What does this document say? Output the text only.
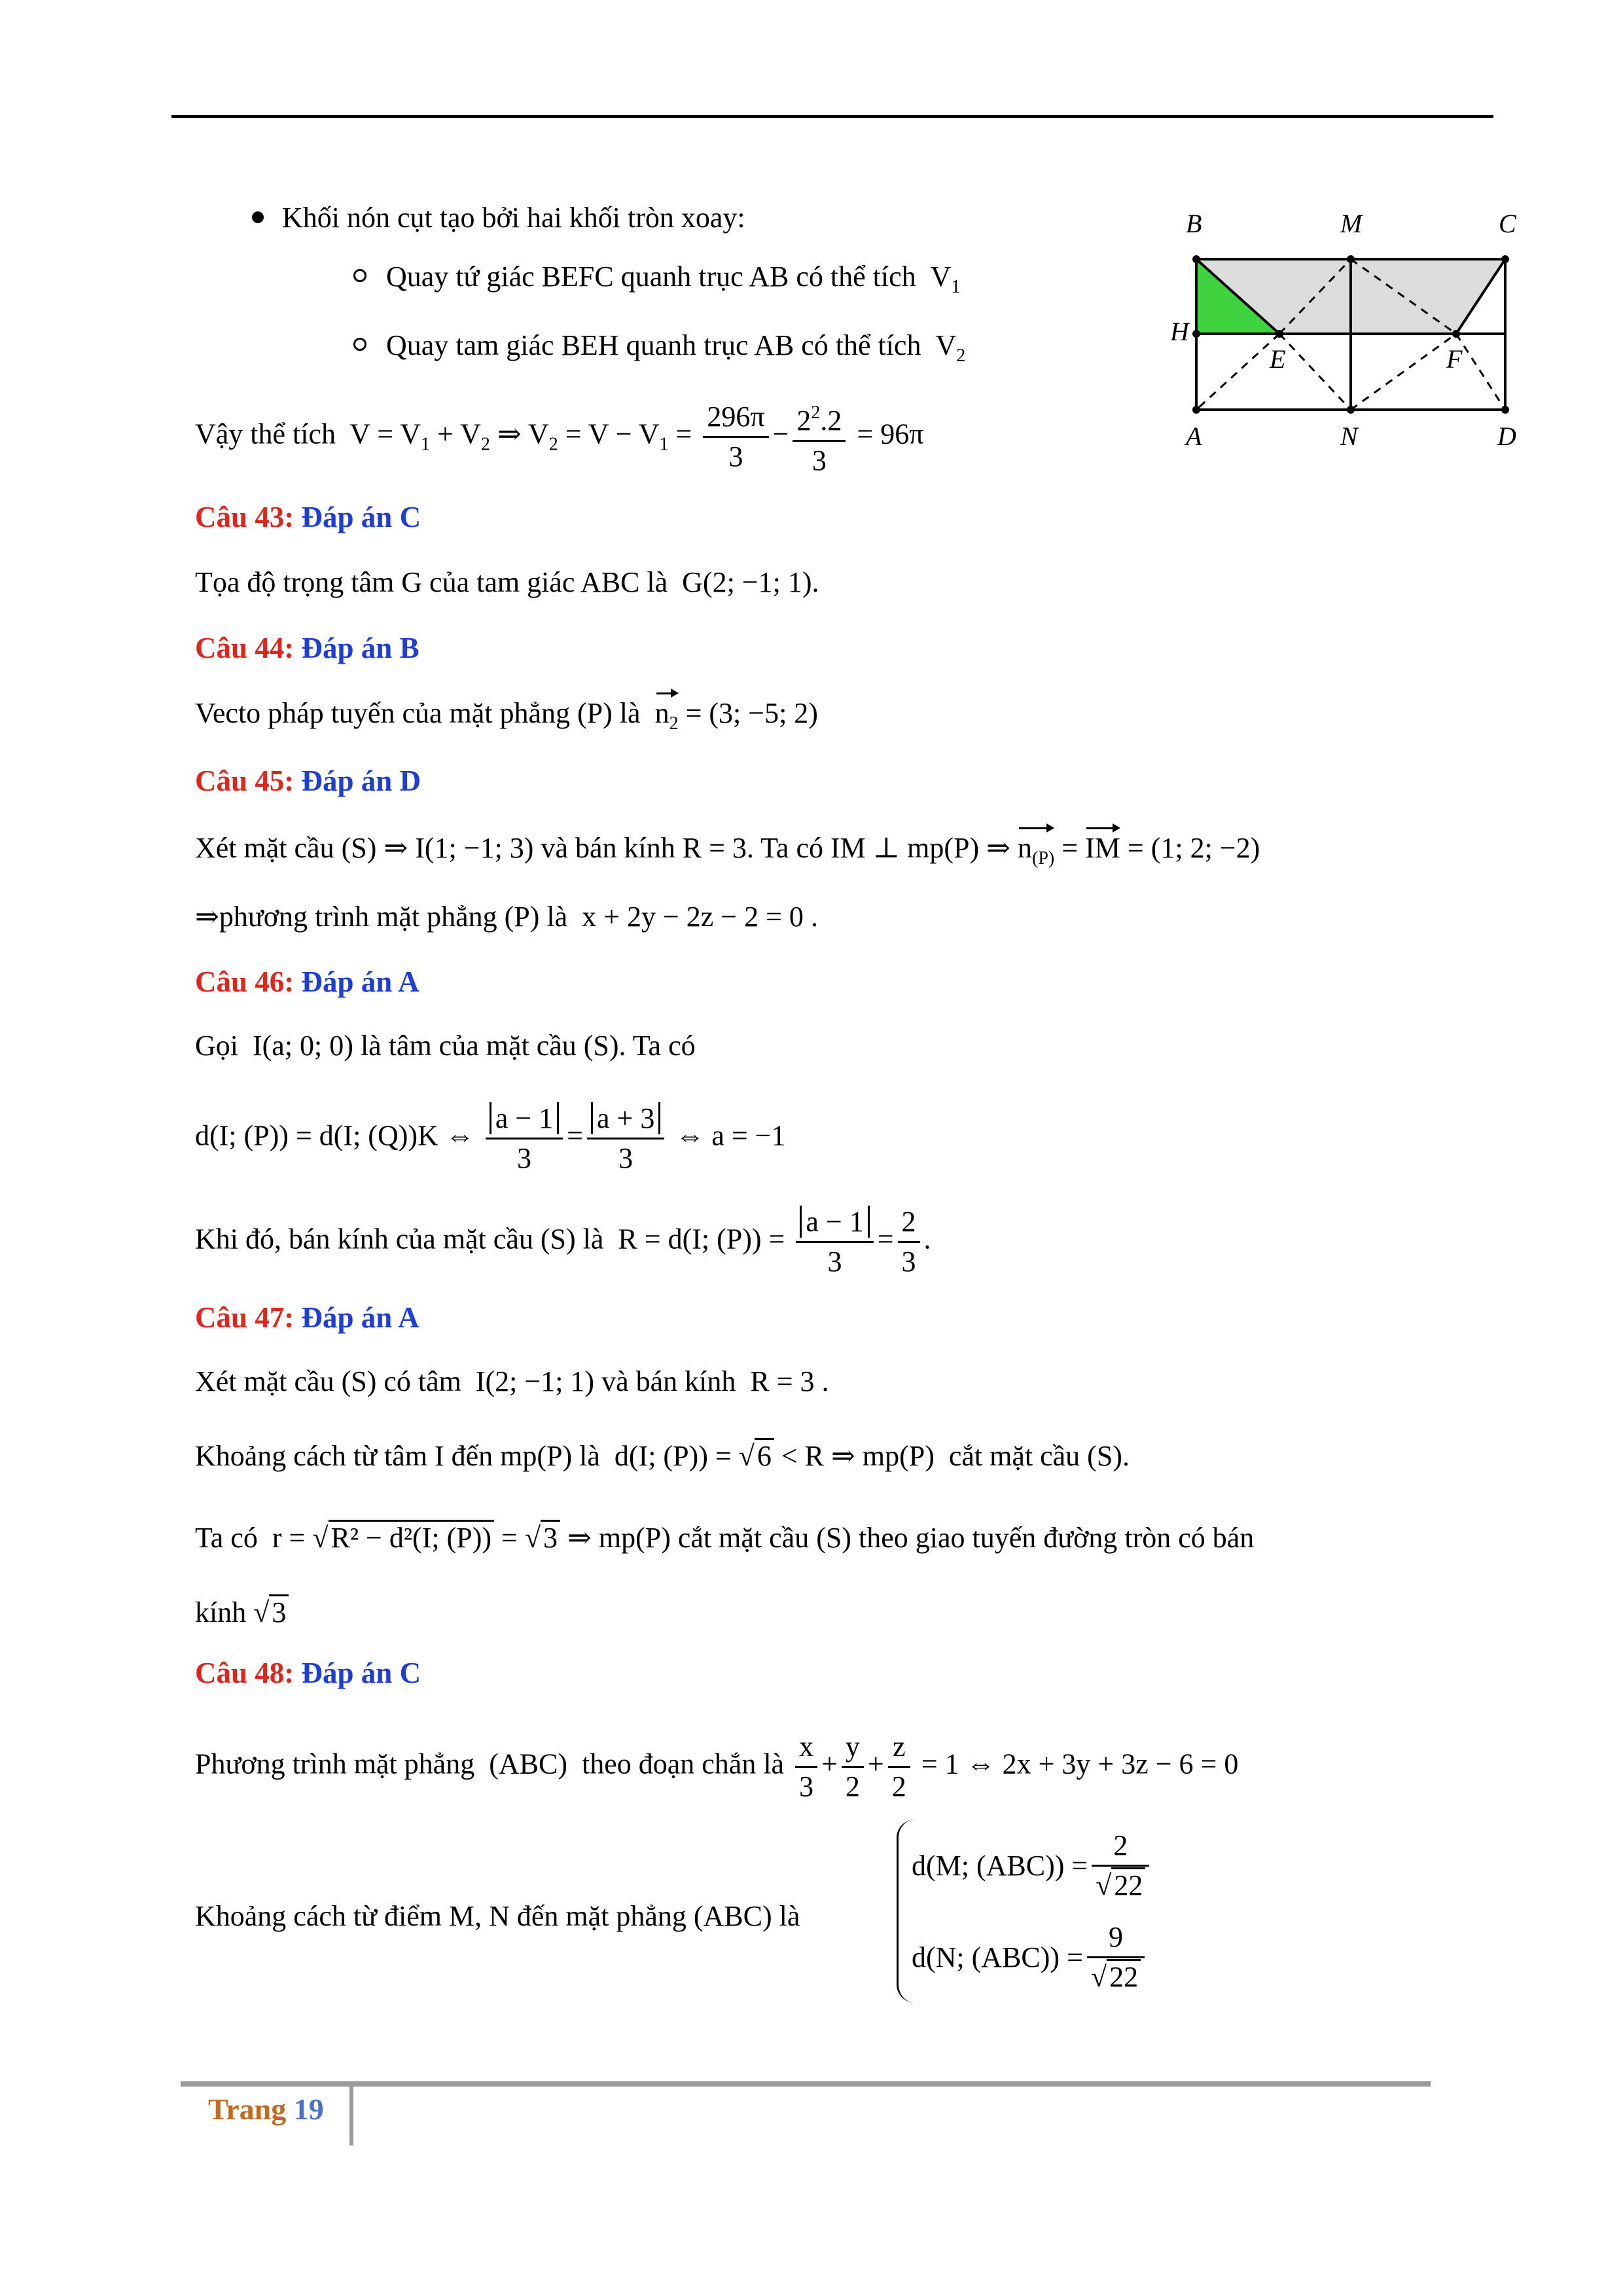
Khối nón cụt tạo bởi hai khối tròn xoay:
Quay tứ giác BEFC quanh trục AB có thể tích $V_1$
Quay tam giác BEH quanh trục AB có thể tích $V_2$
Vậy thể tích $V = V_1 + V_2$ ⇒ $V_2 = V - V_1 = \frac{296\pi}{3} - \frac{2^2.2}{3} = 96\pi$
B	M	C
H
E	F
A	N	D
Câu 43: Đáp án C
Tọa độ trọng tâm G của tam giác ABC là G(2; −1; 1).
Câu 44: Đáp án B
Vecto pháp tuyến của mặt phẳng (P) là $n_2 = (3$; −5; 2)
Câu 45: Đáp án D
Xét mặt cầu (S) ⇒ I(1; −1; 3) và bán kính R = 3. Ta có IM ⊥ mp(P) ⇒ $n_{(P)}$ = IM = (1; 2; −2)
⇒phương trình mặt phẳng (P) là x + 2y − 2z − 2 = 0 .
Câu 46: Đáp án A
Gọi I(a; 0; 0) là tâm của mặt cầu (S). Ta có
d(I; (P)) = d(I; (Q))K ⇔ $\frac{a - 1}{3} = \frac{a + 3}{3}$ ⇔ a = −1
Khi đó, bán kính của mặt cầu (S) là R = d(I; $(P)) = \frac{a - 1}{3} = \frac{2}{3}$ .
Câu 47: Đáp án A
Xét mặt cầu (S) có tâm I(2; −1; 1) và bán kính R = 3 .
Khoảng cách từ tâm I đến mp(P) là d(I; (P)) = √6 < R ⇒ mp(P) cắt mặt cầu (S).
Ta có r = √R² − d²(I; (P)) = √3 ⇒ mp(P) cắt mặt cầu (S) theo giao tuyến đường tròn có bán
kính √3
Câu 48: Đáp án C
Phương trình mặt phẳng (ABC) theo đoạn chắn là $\frac{x}{3} + \frac{y}{2} + \frac{z}{2} = 1$ ⇔ 2x + 3y + 3z − 6 = 0
Khoảng cách từ điểm M, N đến mặt phẳng (ABC) là
d(M; $(ABC)) = \frac{2}{√22}$
d(N; $(ABC)) = \frac{9}{√22}$
Trang 19
